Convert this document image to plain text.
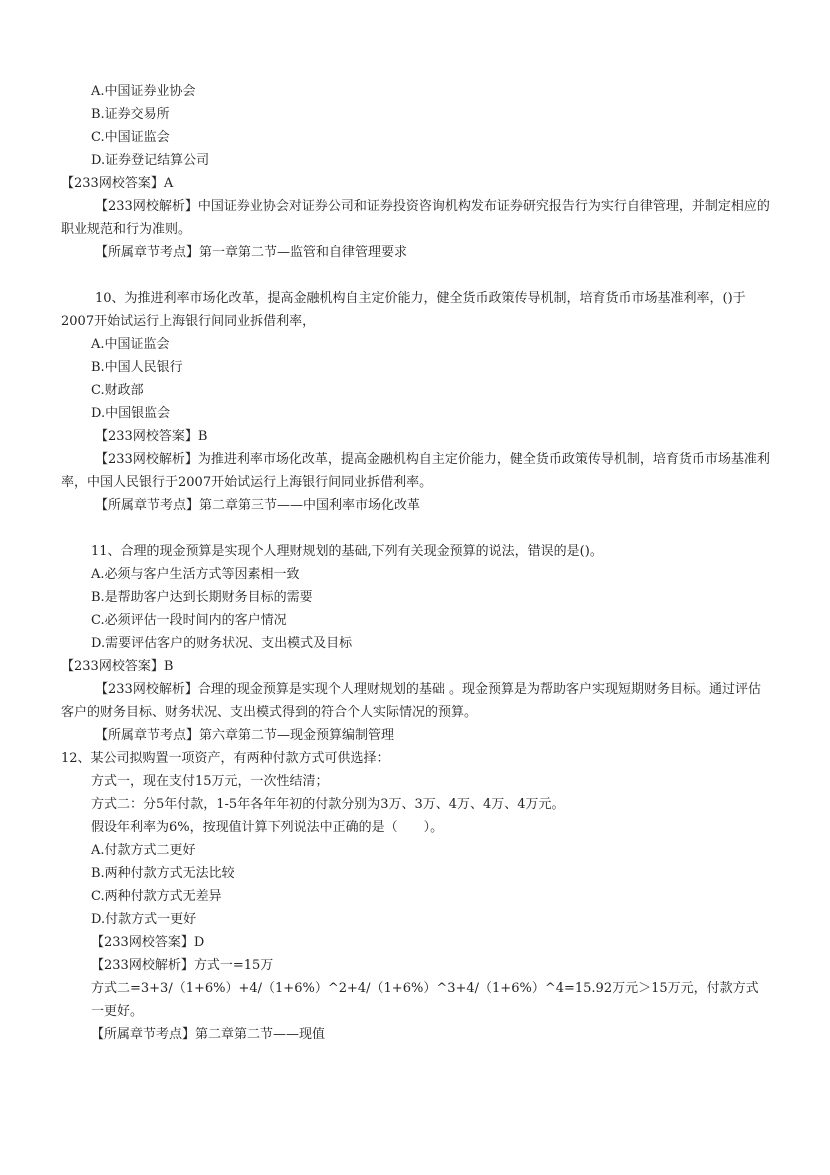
A.中国证券业协会
B.证券交易所
C.中国证监会
D.证券登记结算公司
【233网校答案】A
【233网校解析】中国证券业协会对证券公司和证券投资咨询机构发布证券研究报告行为实行自律管理，并制定相应的职业规范和行为准则。
【所属章节考点】第一章第二节—监管和自律管理要求
10、为推进利率市场化改革，提高金融机构自主定价能力，健全货币政策传导机制，培育货币市场基准利率，()于2007开始试运行上海银行间同业拆借利率，
A.中国证监会
B.中国人民银行
C.财政部
D.中国银监会
【233网校答案】B
【233网校解析】为推进利率市场化改革，提高金融机构自主定价能力，健全货币政策传导机制，培育货币市场基准利率，中国人民银行于2007开始试运行上海银行间同业拆借利率。
【所属章节考点】第二章第三节——中国利率市场化改革
11、合理的现金预算是实现个人理财规划的基础,下列有关现金预算的说法，错误的是()。
A.必须与客户生活方式等因素相一致
B.是帮助客户达到长期财务目标的需要
C.必须评估一段时间内的客户情况
D.需要评估客户的财务状况、支出模式及目标
【233网校答案】B
【233网校解析】合理的现金预算是实现个人理财规划的基础 。现金预算是为帮助客户实现短期财务目标。通过评估客户的财务目标、财务状况、支出模式得到的符合个人实际情况的预算。
【所属章节考点】第六章第二节—现金预算编制管理
12、某公司拟购置一项资产，有两种付款方式可供选择：
方式一，现在支付15万元，一次性结清；
方式二：分5年付款，1-5年各年年初的付款分别为3万、3万、4万、4万、4万元。
假设年利率为6%，按现值计算下列说法中正确的是（　　）。
A.付款方式二更好
B.两种付款方式无法比较
C.两种付款方式无差异
D.付款方式一更好
【233网校答案】D
【233网校解析】方式一=15万
方式二=3+3/（1+6%）+4/（1+6%）^2+4/（1+6%）^3+4/（1+6%）^4=15.92万元＞15万元，付款方式一更好。
【所属章节考点】第二章第二节——现值
